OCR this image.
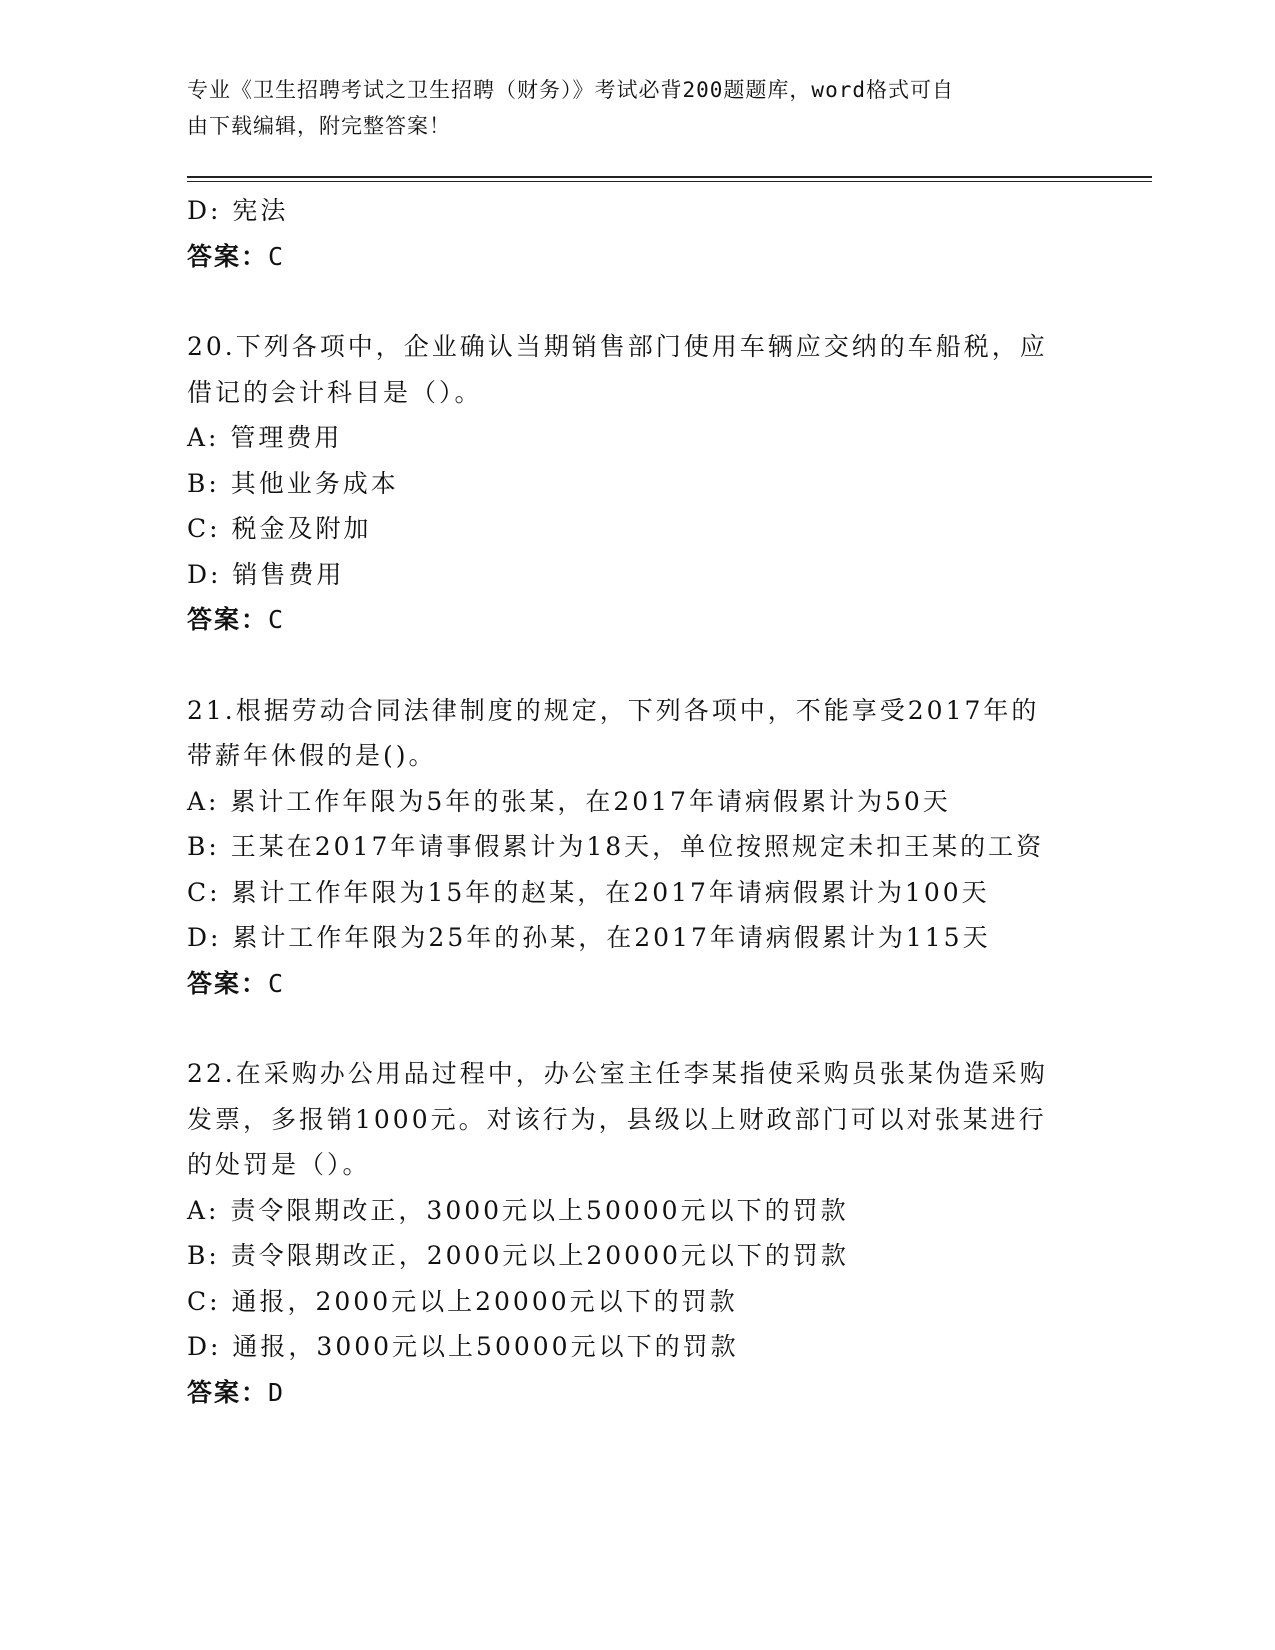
专业《卫生招聘考试之卫生招聘（财务）》考试必背200题题库，word格式可自
由下载编辑，附完整答案！
D: 宪法
答案：C
20.下列各项中，企业确认当期销售部门使用车辆应交纳的车船税，应
借记的会计科目是（）。
A: 管理费用
B: 其他业务成本
C: 税金及附加
D: 销售费用
答案：C
21.根据劳动合同法律制度的规定，下列各项中，不能享受2017年的
带薪年休假的是()。
A: 累计工作年限为5年的张某，在2017年请病假累计为50天
B: 王某在2017年请事假累计为18天，单位按照规定未扣王某的工资
C: 累计工作年限为15年的赵某，在2017年请病假累计为100天
D: 累计工作年限为25年的孙某，在2017年请病假累计为115天
答案：C
22.在采购办公用品过程中，办公室主任李某指使采购员张某伪造采购
发票，多报销1000元。对该行为，县级以上财政部门可以对张某进行
的处罚是（）。
A: 责令限期改正，3000元以上50000元以下的罚款
B: 责令限期改正，2000元以上20000元以下的罚款
C: 通报，2000元以上20000元以下的罚款
D: 通报，3000元以上50000元以下的罚款
答案：D
